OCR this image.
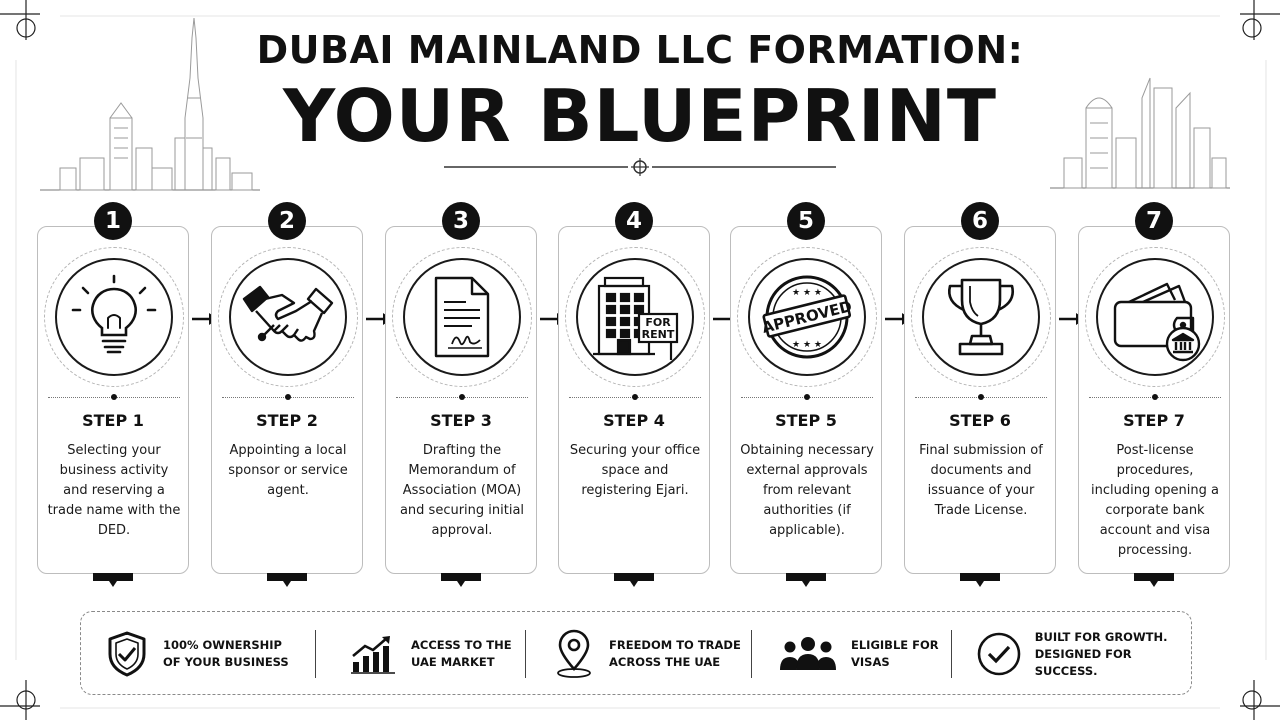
DUBAI MAINLAND LLC FORMATION:
YOUR BLUEPRINT
STEP 1
Selecting your business activity and reserving a trade name with the DED.
1
STEP 2
Appointing a local sponsor or service agent.
2
STEP 3
Drafting the Memorandum of Association (MOA) and securing initial approval.
3
FOR
RENT
STEP 4
Securing your office space and registering Ejari.
4
APPROVED
★ ★ ★
★ ★ ★
STEP 5
Obtaining necessary external approvals from relevant authorities (if applicable).
5
STEP 6
Final submission of documents and issuance of your Trade License.
6
STEP 7
Post-license procedures, including opening a corporate bank account and visa processing.
7
100% OWNERSHIP
OF YOUR BUSINESS
ACCESS TO THE
UAE MARKET
FREEDOM TO TRADE
ACROSS THE UAE
ELIGIBLE FOR
VISAS
BUILT FOR GROWTH.
DESIGNED FOR SUCCESS.
